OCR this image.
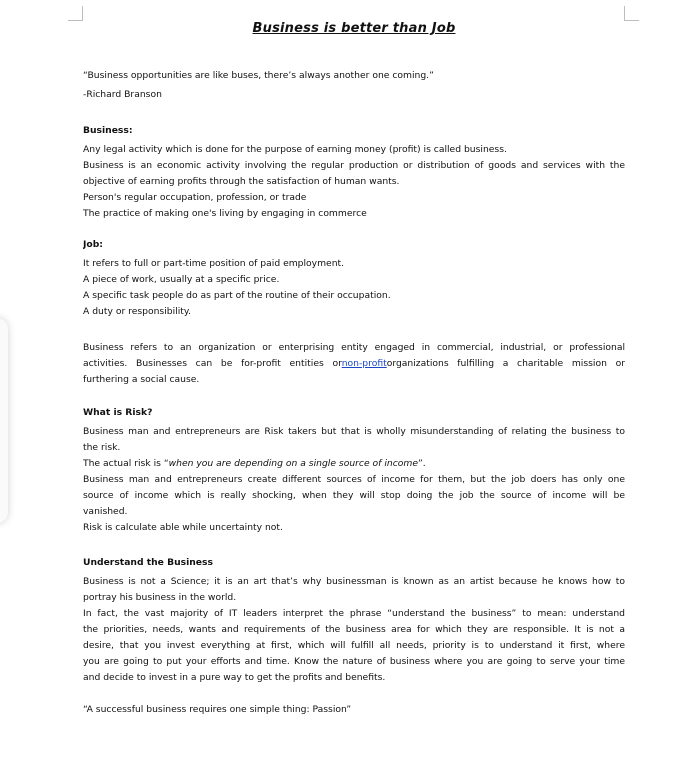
Business is better than Job
“Business opportunities are like buses, there’s always another one coming.”
-Richard Branson
Business:
Any legal activity which is done for the purpose of earning money (profit) is called business.
Business is an economic activity involving the regular production or distribution of goods and services with the
objective of earning profits through the satisfaction of human wants.
Person's regular occupation, profession, or trade
The practice of making one's living by engaging in commerce
Job:
It refers to full or part-time position of paid employment.
A piece of work, usually at a specific price.
A specific task people do as part of the routine of their occupation.
A duty or responsibility.
Business refers to an organization or enterprising entity engaged in commercial, industrial, or professional
activities. Businesses can be for-profit entities ornon-profitorganizations fulfilling a charitable mission or
furthering a social cause.
What is Risk?
Business man and entrepreneurs are Risk takers but that is wholly misunderstanding of relating the business to
the risk.
The actual risk is “when you are depending on a single source of income”.
Business man and entrepreneurs create different sources of income for them, but the job doers has only one
source of income which is really shocking, when they will stop doing the job the source of income will be
vanished.
Risk is calculate able while uncertainty not.
Understand the Business
Business is not a Science; it is an art that’s why businessman is known as an artist because he knows how to
portray his business in the world.
In fact, the vast majority of IT leaders interpret the phrase “understand the business” to mean: understand
the priorities, needs, wants and requirements of the business area for which they are responsible. It is not a
desire, that you invest everything at first, which will fulfill all needs, priority is to understand it first, where
you are going to put your efforts and time. Know the nature of business where you are going to serve your time
and decide to invest in a pure way to get the profits and benefits.
“A successful business requires one simple thing: Passion”
